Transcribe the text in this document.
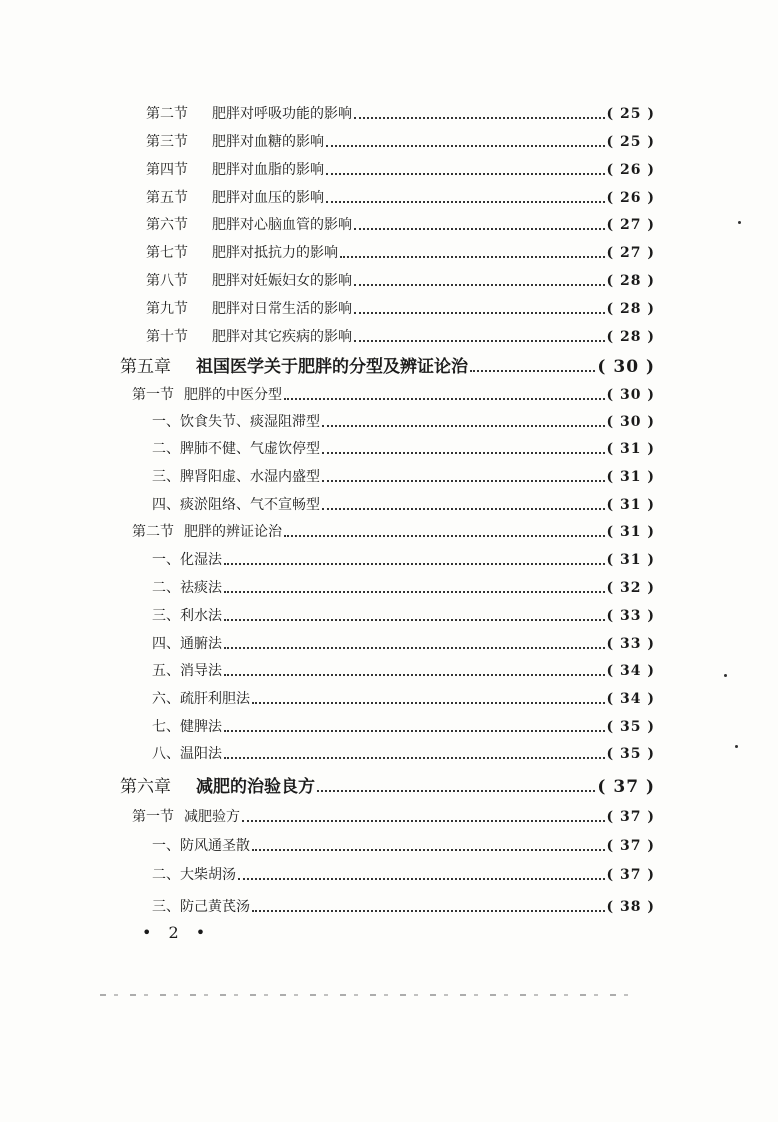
第二节	肥胖对呼吸功能的影响	( 25 )
第三节	肥胖对血糖的影响	( 25 )
第四节	肥胖对血脂的影响	( 26 )
第五节	肥胖对血压的影响	( 26 )
第六节	肥胖对心脑血管的影响	( 27 )
第七节	肥胖对抵抗力的影响	( 27 )
第八节	肥胖对妊娠妇女的影响	( 28 )
第九节	肥胖对日常生活的影响	( 28 )
第十节	肥胖对其它疾病的影响	( 28 )
第五章	祖国医学关于肥胖的分型及辨证论治	( 30 )
第一节 肥胖的中医分型	( 30 )
一、 饮食失节、痰湿阻滞型	( 30 )
二、 脾肺不健、气虚饮停型	( 31 )
三、 脾肾阳虚、水湿内盛型	( 31 )
四、 痰淤阻络、气不宣畅型	( 31 )
第二节 肥胖的辨证论治	( 31 )
一、 化湿法	( 31 )
二、 祛痰法	( 32 )
三、 利水法	( 33 )
四、 通腑法	( 33 )
五、 消导法	( 34 )
六、 疏肝利胆法	( 34 )
七、 健脾法	( 35 )
八、 温阳法	( 35 )
第六章	减肥的治验良方	( 37 )
第一节 减肥验方	( 37 )
一、 防风通圣散	( 37 )
二、 大柴胡汤	( 37 )
三、 防己黄芪汤	( 38 )
• 2 •
